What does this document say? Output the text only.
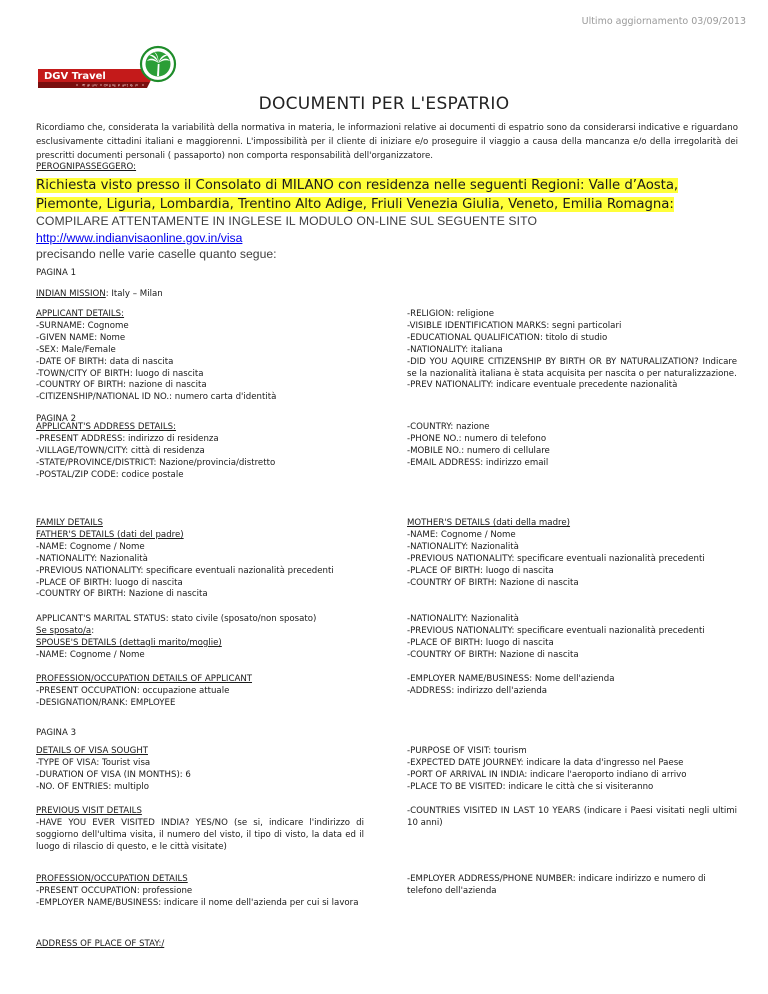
Ultimo aggiornamento 03/09/2013
DGV Travel
Tour Operator
DOCUMENTI PER L'ESPATRIO
Ricordiamo che, considerata la variabilità della normativa in materia, le informazioni relative ai documenti di espatrio sono da considerarsi indicative e riguardano esclusivamente cittadini italiani e maggiorenni. L'impossibilità per il cliente di iniziare e/o proseguire il viaggio a causa della mancanza e/o della irregolarità dei prescritti documenti personali ( passaporto) non comporta responsabilità dell'organizzatore.
PEROGNIPASSEGGERO:
Richiesta visto presso il Consolato di MILANO con residenza nelle seguenti Regioni: Valle d’Aosta, Piemonte, Liguria, Lombardia, Trentino Alto Adige, Friuli Venezia Giulia, Veneto, Emilia Romagna:
COMPILARE ATTENTAMENTE IN INGLESE IL MODULO ON-LINE SUL SEGUENTE SITO
http://www.indianvisaonline.gov.in/visa
precisando nelle varie caselle quanto segue:
PAGINA 1
INDIAN MISSION: Italy – Milan
APPLICANT DETAILS:
-SURNAME: Cognome
-GIVEN NAME: Nome
-SEX: Male/Female
-DATE OF BIRTH: data di nascita
-TOWN/CITY OF BIRTH: luogo di nascita
-COUNTRY OF BIRTH: nazione di nascita
-CITIZENSHIP/NATIONAL ID NO.: numero carta d'identità
-RELIGION: religione
-VISIBLE IDENTIFICATION MARKS: segni particolari
-EDUCATIONAL QUALIFICATION: titolo di studio
-NATIONALITY: italiana
-DID YOU AQUIRE CITIZENSHIP BY BIRTH OR BY NATURALIZATION? Indicare se la nazionalità italiana è stata acquisita per nascita o per naturalizzazione.
-PREV NATIONALITY: indicare eventuale precedente nazionalità
PAGINA 2
APPLICANT'S ADDRESS DETAILS:
-PRESENT ADDRESS: indirizzo di residenza
-VILLAGE/TOWN/CITY: città di residenza
-STATE/PROVINCE/DISTRICT: Nazione/provincia/distretto
-POSTAL/ZIP CODE: codice postale
-COUNTRY: nazione
-PHONE NO.: numero di telefono
-MOBILE NO.: numero di cellulare
-EMAIL ADDRESS: indirizzo email
FAMILY DETAILS
FATHER'S DETAILS (dati del padre)
-NAME: Cognome / Nome
-NATIONALITY: Nazionalità
-PREVIOUS NATIONALITY: specificare eventuali nazionalità precedenti
-PLACE OF BIRTH: luogo di nascita
-COUNTRY OF BIRTH: Nazione di nascita
MOTHER'S DETAILS (dati della madre)
-NAME: Cognome / Nome
-NATIONALITY: Nazionalità
-PREVIOUS NATIONALITY: specificare eventuali nazionalità precedenti
-PLACE OF BIRTH: luogo di nascita
-COUNTRY OF BIRTH: Nazione di nascita
APPLICANT'S MARITAL STATUS: stato civile (sposato/non sposato)
Se sposato/a:
SPOUSE'S DETAILS (dettagli marito/moglie)
-NAME: Cognome / Nome
-NATIONALITY: Nazionalità
-PREVIOUS NATIONALITY: specificare eventuali nazionalità precedenti
-PLACE OF BIRTH: luogo di nascita
-COUNTRY OF BIRTH: Nazione di nascita
PROFESSION/OCCUPATION DETAILS OF APPLICANT
-PRESENT OCCUPATION: occupazione attuale
-DESIGNATION/RANK: EMPLOYEE
-EMPLOYER NAME/BUSINESS: Nome dell'azienda
-ADDRESS: indirizzo dell'azienda
PAGINA 3
DETAILS OF VISA SOUGHT
-TYPE OF VISA: Tourist visa
-DURATION OF VISA (IN MONTHS): 6
-NO. OF ENTRIES: multiplo
-PURPOSE OF VISIT: tourism
-EXPECTED DATE JOURNEY: indicare la data d'ingresso nel Paese
-PORT OF ARRIVAL IN INDIA: indicare l'aeroporto indiano di arrivo
-PLACE TO BE VISITED: indicare le città che si visiteranno
PREVIOUS VISIT DETAILS
-HAVE YOU EVER VISITED INDIA? YES/NO (se si, indicare l'indirizzo di soggiorno dell'ultima visita, il numero del visto, il tipo di visto, la data ed il luogo di rilascio di questo, e le città visitate)
-COUNTRIES VISITED IN LAST 10 YEARS (indicare i Paesi visitati negli ultimi 10 anni)
PROFESSION/OCCUPATION DETAILS
-PRESENT OCCUPATION: professione
-EMPLOYER NAME/BUSINESS: indicare il nome dell'azienda per cui si lavora
-EMPLOYER ADDRESS/PHONE NUMBER: indicare indirizzo e numero di telefono dell'azienda
ADDRESS OF PLACE OF STAY:/
